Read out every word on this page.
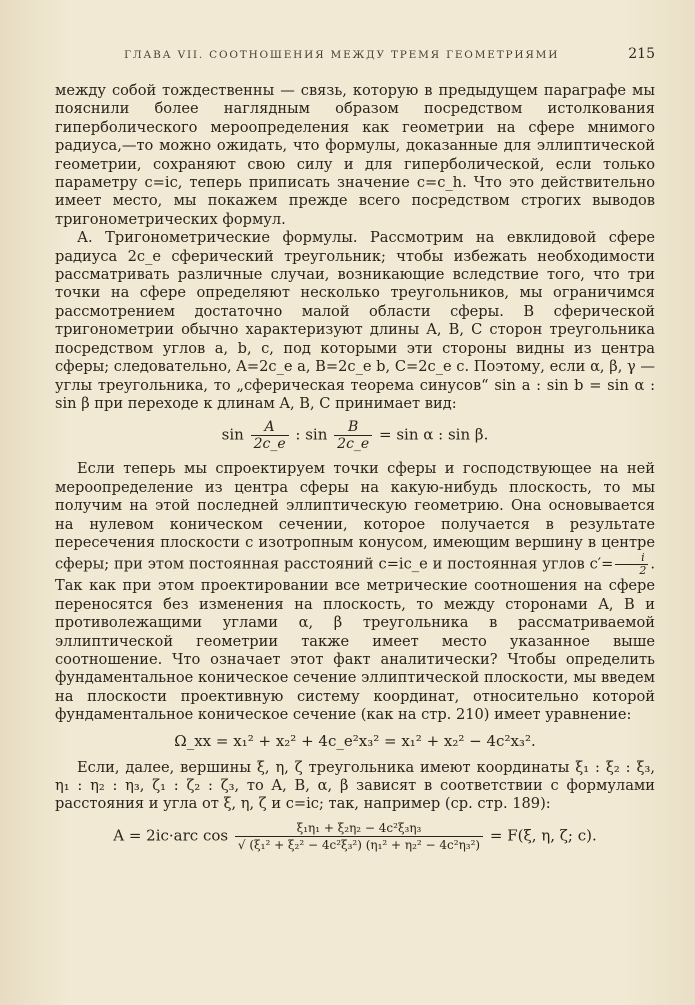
ГЛАВА VII. СООТНОШЕНИЯ МЕЖДУ ТРЕМЯ ГЕОМЕТРИЯМИ	215

между собой тождественны — связь, которую в предыдущем параграфе мы пояснили более наглядным образом посредством истолкования гиперболического мероопределения как геометрии на сфере мнимого радиуса,—то можно ожидать, что формулы, доказанные для эллиптической геометрии, сохраняют свою силу и для гиперболической, если только параметру c=ic, теперь приписать значение c=c_h. Что это действительно имеет место, мы покажем прежде всего посредством строгих выводов тригонометрических формул.

А. Тригонометрические формулы. Рассмотрим на евклидовой сфере радиуса 2c_e сферический треугольник; чтобы избежать необходимости рассматривать различные случаи, возникающие вследствие того, что три точки на сфере определяют несколько треугольников, мы ограничимся рассмотрением достаточно малой области сферы. В сферической тригонометрии обычно характеризуют длины A, B, C сторон треугольника посредством углов a, b, c, под которыми эти стороны видны из центра сферы; следовательно, A=2c_e a, B=2c_e b, C=2c_e c. Поэтому, если α, β, γ — углы треугольника, то „сферическая теорема синусов“ sin a : sin b = sin α : sin β при переходе к длинам A, B, C принимает вид:

$\sin \frac{A}{2c\_e}$ : $\sin \frac{B}{2c\_e} = \sin \alpha$ : sin β.

Если теперь мы спроектируем точки сферы и господствующее на ней мероопределение из центра сферы на какую-нибудь плоскость, то мы получим на этой последней эллиптическую геометрию. Она основывается на нулевом коническом сечении, которое получается в результате пересечения плоскости с изотропным конусом, имеющим вершину в центре сферы; при этом постоянная расстояний c=ic_e и постоянная углов $c'= \frac{i}{2}$ . Так как при этом проектировании все метрические соотношения на сфере переносятся без изменения на плоскость, то между сторонами A, B и противолежащими углами α, β треугольника в рассматриваемой эллиптической геометрии также имеет место указанное выше соотношение. Что означает этот факт аналитически? Чтобы определить фундаментальное коническое сечение эллиптической плоскости, мы введем на плоскости проективную систему координат, относительно которой фундаментальное коническое сечение (как на стр. 210) имеет уравнение:

Ω_xx = x₁² + x₂² + 4c_e²x₃² = x₁² + x₂² − 4c²x₃².

Если, далее, вершины ξ, η, ζ треугольника имеют координаты ξ₁ : ξ₂ : ξ₃, η₁ : η₂ : η₃, ζ₁ : ζ₂ : ζ₃, то A, B, α, β зависят в соответствии с формулами расстояния и угла от ξ, η, ζ и c=ic; так, например (ср. стр. 189):

A = 2ic·arc $\cos \frac{\text{ξ₁η₁ + ξ₂η₂ − 4c²ξ₃η₃}}{\text{√ (ξ₁² + ξ₂² − 4c²ξ₃²) (η₁² + η₂² − 4c²η₃²)}} = F(\xi$, η, ζ; c).
